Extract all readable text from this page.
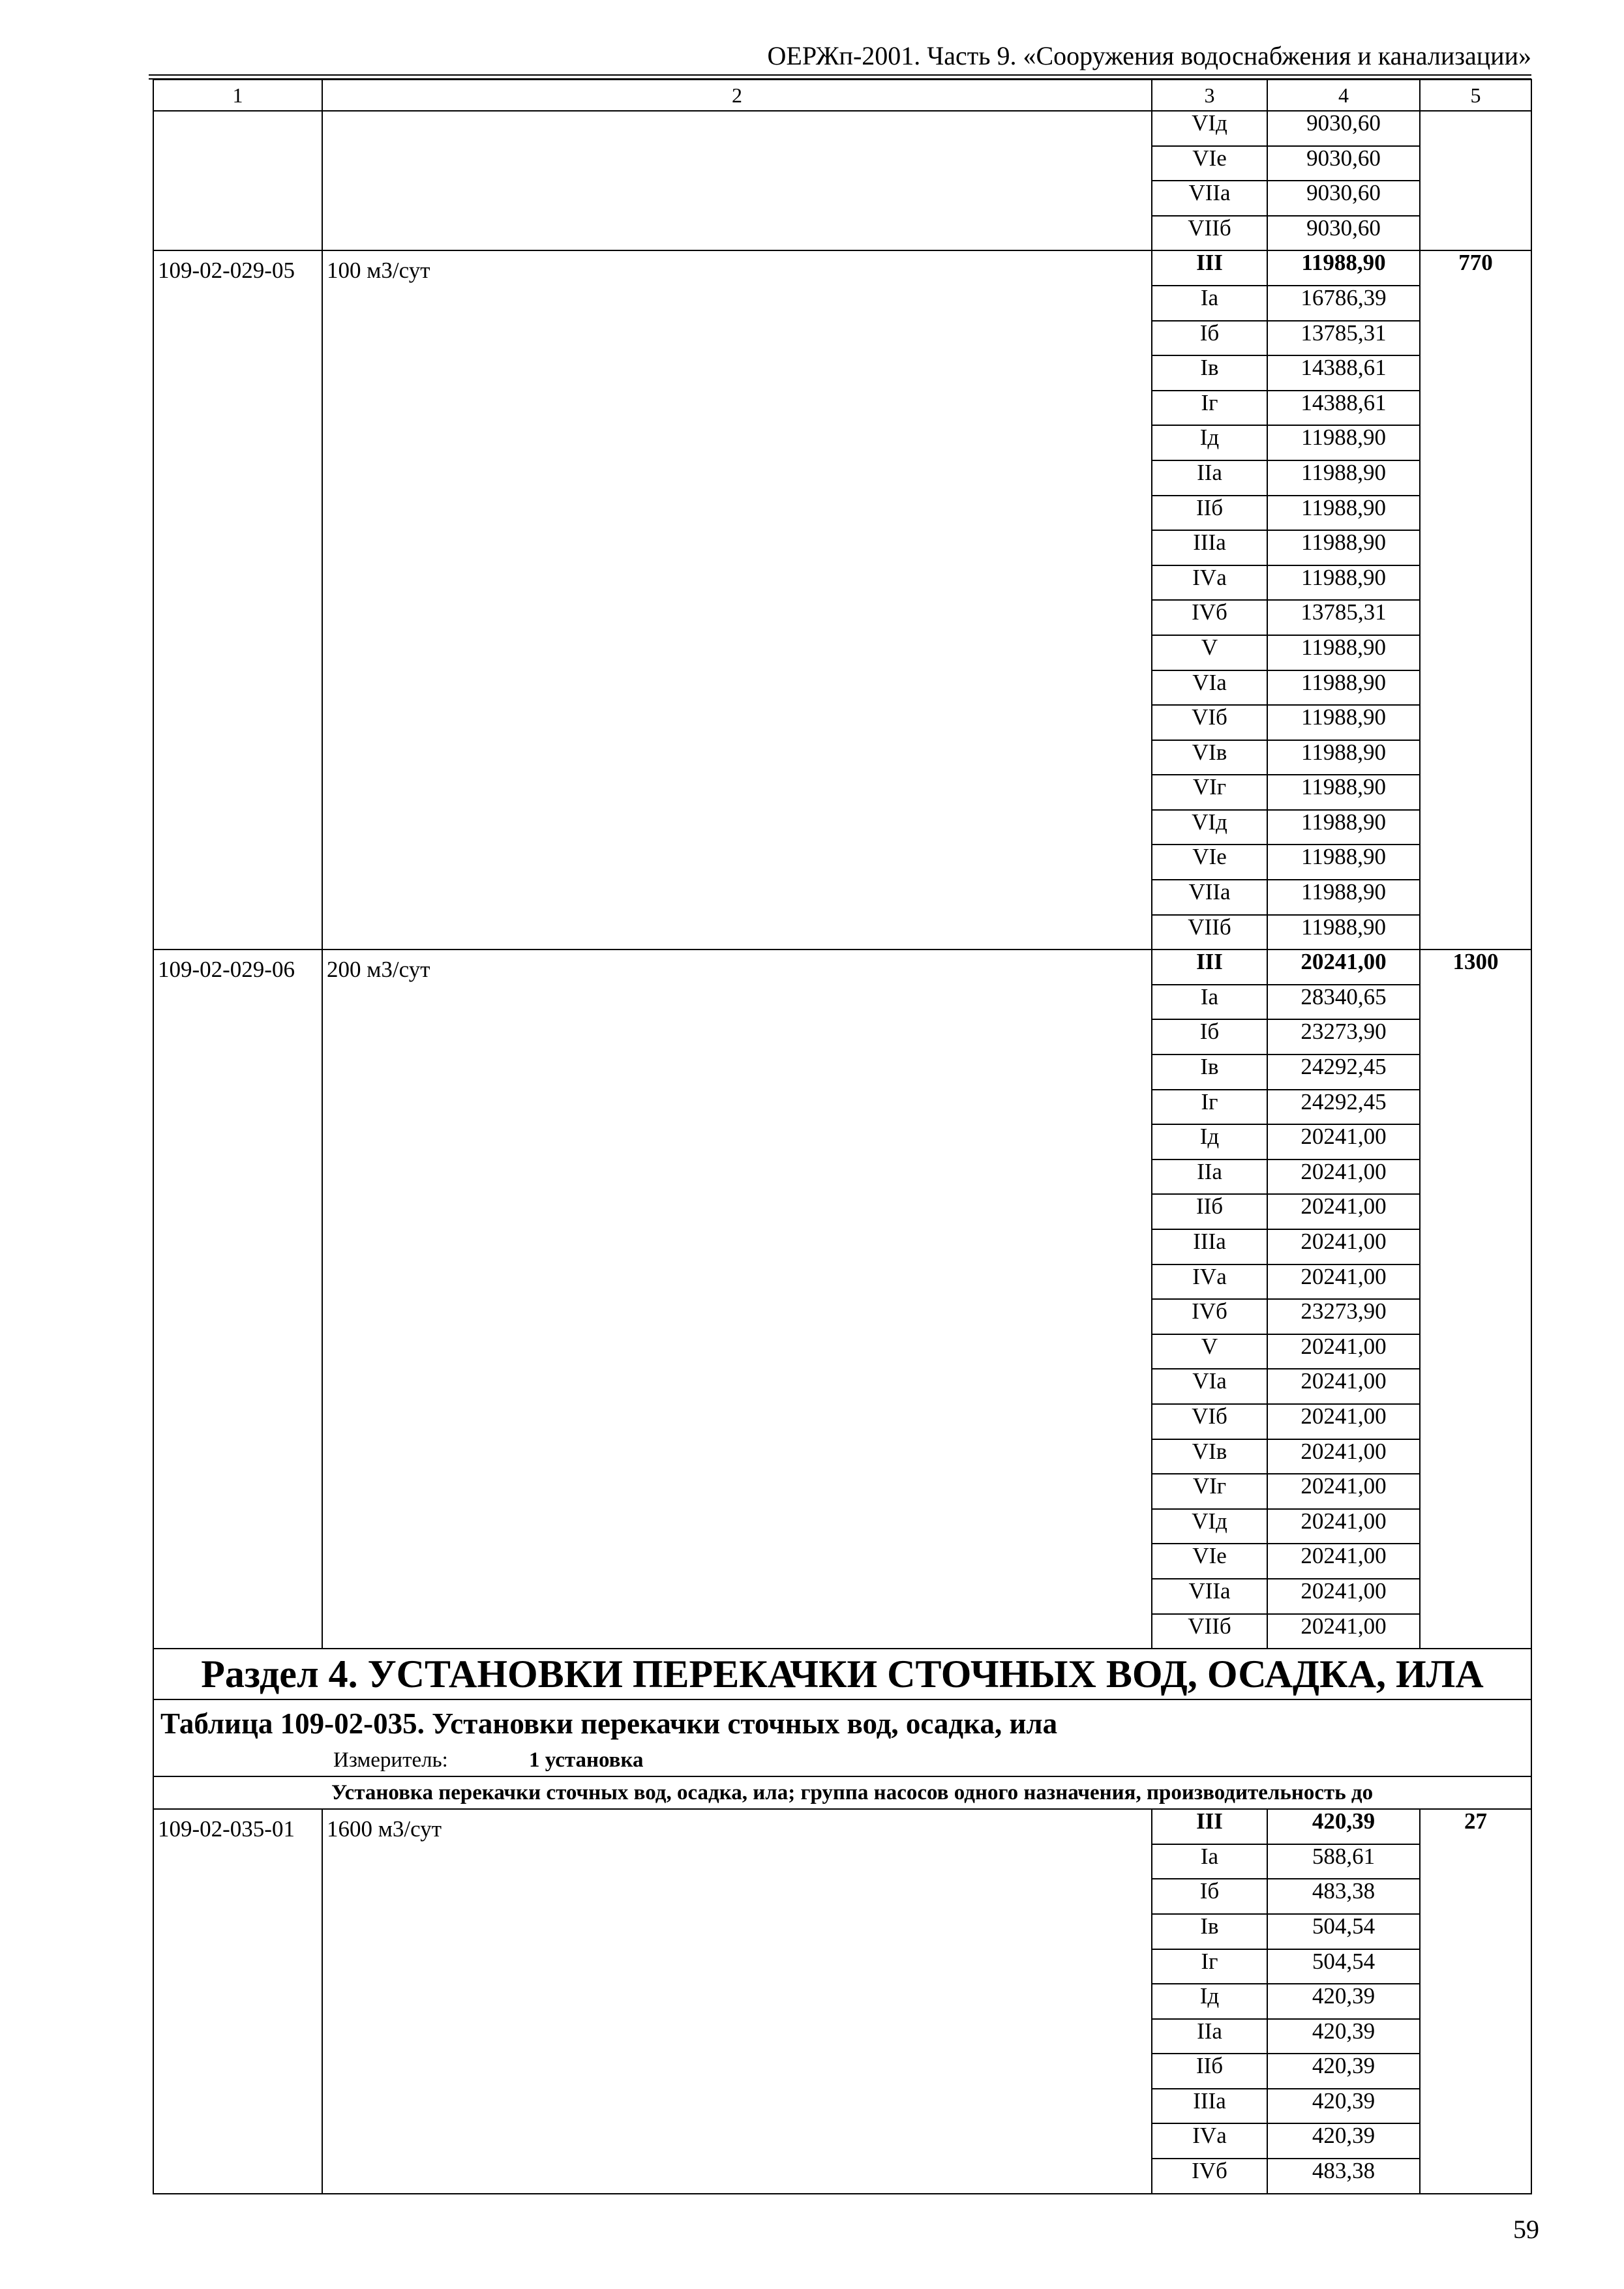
ОЕРЖп-2001. Часть 9. «Сооружения водоснабжения и канализации»
1	2	3	4	5
		VIд	9030,60	
		VIе	9030,60	
		VIIа	9030,60	
		VIIб	9030,60	
109-02-029-05	100 м3/сут	III	11988,90	770
		Iа	16786,39	
		Iб	13785,31	
		Iв	14388,61	
		Iг	14388,61	
		Iд	11988,90	
		IIа	11988,90	
		IIб	11988,90	
		IIIа	11988,90	
		IVа	11988,90	
		IVб	13785,31	
		V	11988,90	
		VIа	11988,90	
		VIб	11988,90	
		VIв	11988,90	
		VIг	11988,90	
		VIд	11988,90	
		VIе	11988,90	
		VIIа	11988,90	
		VIIб	11988,90	
109-02-029-06	200 м3/сут	III	20241,00	1300
		Iа	28340,65	
		Iб	23273,90	
		Iв	24292,45	
		Iг	24292,45	
		Iд	20241,00	
		IIа	20241,00	
		IIб	20241,00	
		IIIа	20241,00	
		IVа	20241,00	
		IVб	23273,90	
		V	20241,00	
		VIа	20241,00	
		VIб	20241,00	
		VIв	20241,00	
		VIг	20241,00	
		VIд	20241,00	
		VIе	20241,00	
		VIIа	20241,00	
		VIIб	20241,00	
Раздел 4. УСТАНОВКИ ПЕРЕКАЧКИ СТОЧНЫХ ВОД, ОСАДКА, ИЛА				

Таблица 109-02-035. Установки перекачки сточных вод, осадка, ила
Измеритель: 1 установка				

Установка перекачки сточных вод, осадка, ила; группа насосов одного назначения, производительность до				
109-02-035-01	1600 м3/сут	III	420,39	27
		Iа	588,61	
		Iб	483,38	
		Iв	504,54	
		Iг	504,54	
		Iд	420,39	
		IIа	420,39	
		IIб	420,39	
		IIIа	420,39	
		IVа	420,39	
		IVб	483,38	
59
